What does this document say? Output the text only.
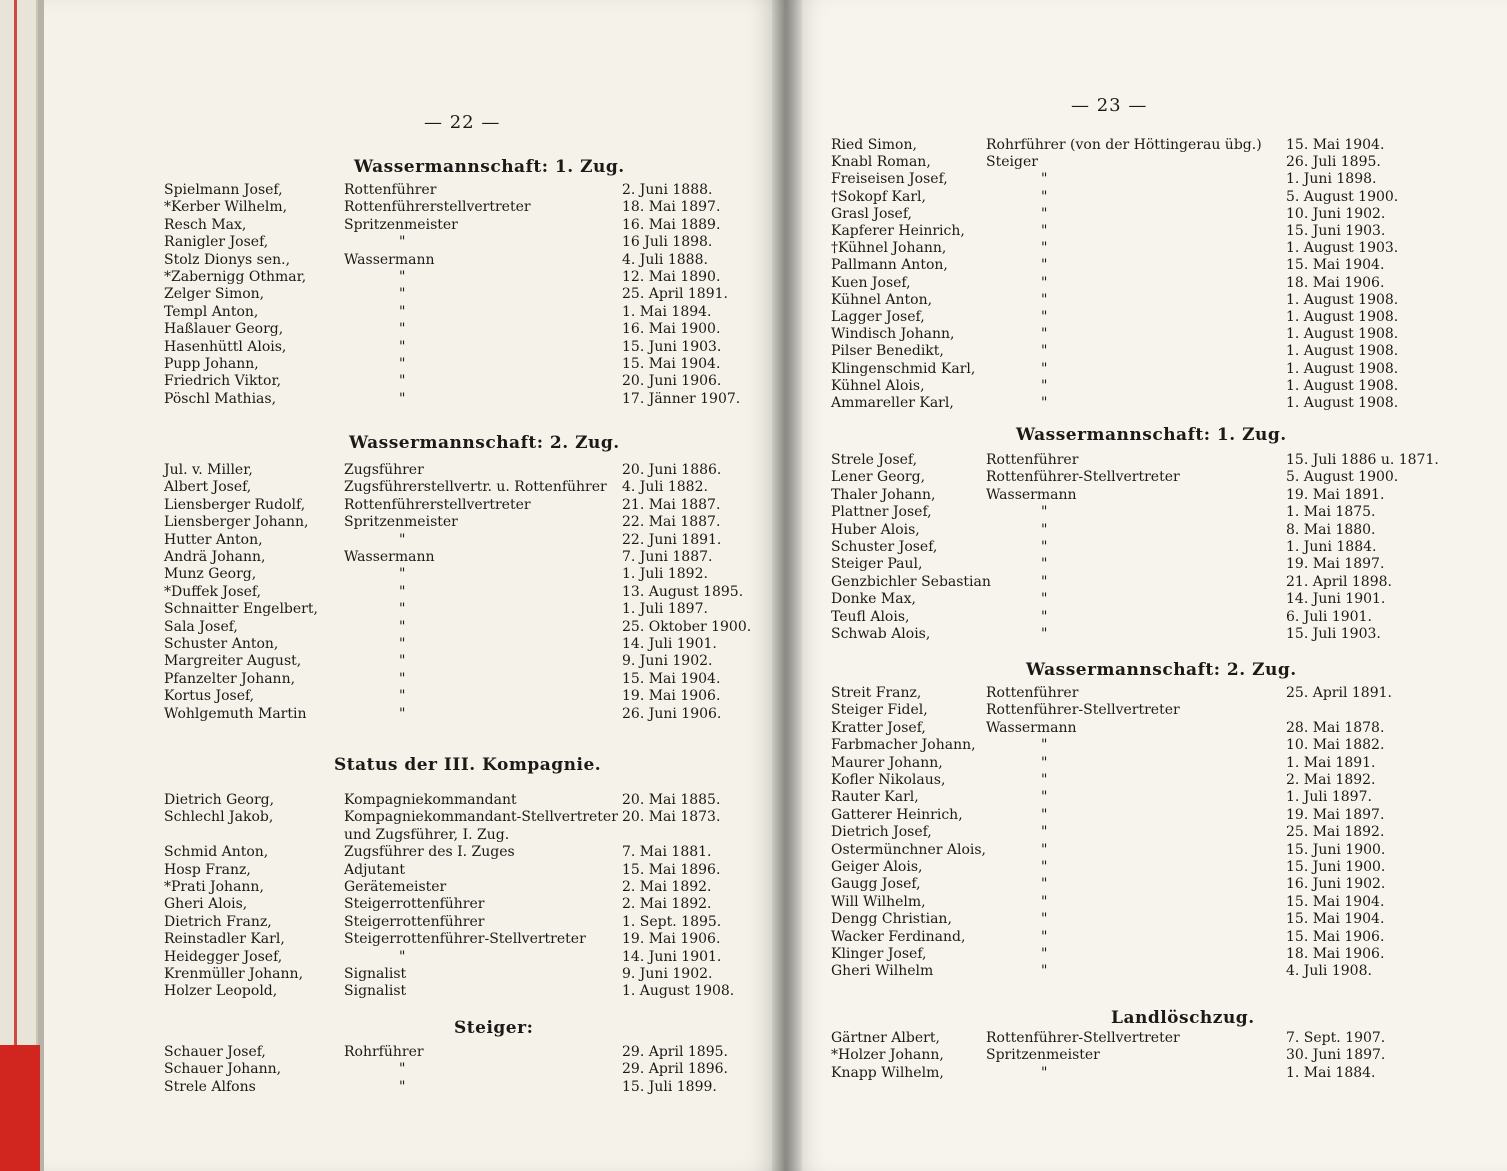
— 22 —
Wassermannschaft: 1. Zug.
Spielmann Josef,	Rottenführer	2. Juni 1888.
*Kerber Wilhelm,	Rottenführerstellvertreter	18. Mai 1897.
Resch Max,	Spritzenmeister	16. Mai 1889.
Ranigler Josef,	"	16 Juli 1898.
Stolz Dionys sen.,	Wassermann	4. Juli 1888.
*Zabernigg Othmar,	"	12. Mai 1890.
Zelger Simon,	"	25. April 1891.
Templ Anton,	"	1. Mai 1894.
Haßlauer Georg,	"	16. Mai 1900.
Hasenhüttl Alois,	"	15. Juni 1903.
Pupp Johann,	"	15. Mai 1904.
Friedrich Viktor,	"	20. Juni 1906.
Pöschl Mathias,	"	17. Jänner 1907.
Wassermannschaft: 2. Zug.
Jul. v. Miller,	Zugsführer	20. Juni 1886.
Albert Josef,	Zugsführerstellvertr. u. Rottenführer 4. Juli 1882.
Liensberger Rudolf,	Rottenführerstellvertreter	21. Mai 1887.
Liensberger Johann,	Spritzenmeister	22. Mai 1887.
Hutter Anton,	"	22. Juni 1891.
Andrä Johann,	Wassermann	7. Juni 1887.
Munz Georg,	"	1. Juli 1892.
*Duffek Josef,	"	13. August 1895.
Schnaitter Engelbert,	"	1. Juli 1897.
Sala Josef,	"	25. Oktober 1900.
Schuster Anton,	"	14. Juli 1901.
Margreiter August,	"	9. Juni 1902.
Pfanzelter Johann,	"	15. Mai 1904.
Kortus Josef,	"	19. Mai 1906.
Wohlgemuth Martin	"	26. Juni 1906.
Status der III. Kompagnie.
Dietrich Georg,	Kompagniekommandant	20. Mai 1885.
Schlechl Jakob,	Kompagniekommandant-Stellvertreter 20. Mai 1873.
und Zugsführer, I. Zug.
Schmid Anton,	Zugsführer des I. Zuges	7. Mai 1881.
Hosp Franz,	Adjutant	15. Mai 1896.
*Prati Johann,	Gerätemeister	2. Mai 1892.
Gheri Alois,	Steigerrottenführer	2. Mai 1892.
Dietrich Franz,	Steigerrottenführer	1. Sept. 1895.
Reinstadler Karl,	Steigerrottenführer-Stellvertreter	19. Mai 1906.
Heidegger Josef,	"	14. Juni 1901.
Krenmüller Johann,	Signalist	9. Juni 1902.
Holzer Leopold,	Signalist	1. August 1908.
Steiger:
Schauer Josef,	Rohrführer	29. April 1895.
Schauer Johann,	"	29. April 1896.
Strele Alfons	"	15. Juli 1899.
— 23 —
Ried Simon,	Rohrführer (von der Höttingerau übg.) 15. Mai 1904.
Knabl Roman,	Steiger	26. Juli 1895.
Freiseisen Josef,	"	1. Juni 1898.
†Sokopf Karl,	"	5. August 1900.
Grasl Josef,	"	10. Juni 1902.
Kapferer Heinrich,	"	15. Juni 1903.
†Kühnel Johann,	"	1. August 1903.
Pallmann Anton,	"	15. Mai 1904.
Kuen Josef,	"	18. Mai 1906.
Kühnel Anton,	"	1. August 1908.
Lagger Josef,	"	1. August 1908.
Windisch Johann,	"	1. August 1908.
Pilser Benedikt,	"	1. August 1908.
Klingenschmid Karl,	"	1. August 1908.
Kühnel Alois,	"	1. August 1908.
Ammareller Karl,	"	1. August 1908.
Wassermannschaft: 1. Zug.
Strele Josef,	Rottenführer	15. Juli 1886 u. 1871.
Lener Georg,	Rottenführer-Stellvertreter	5. August 1900.
Thaler Johann,	Wassermann	19. Mai 1891.
Plattner Josef,	"	1. Mai 1875.
Huber Alois,	"	8. Mai 1880.
Schuster Josef,	"	1. Juni 1884.
Steiger Paul,	"	19. Mai 1897.
Genzbichler Sebastian	"	21. April 1898.
Donke Max,	"	14. Juni 1901.
Teufl Alois,	"	6. Juli 1901.
Schwab Alois,	"	15. Juli 1903.
Wassermannschaft: 2. Zug.
Streit Franz,	Rottenführer	25. April 1891.
Steiger Fidel,	Rottenführer-Stellvertreter
Kratter Josef,	Wassermann	28. Mai 1878.
Farbmacher Johann,	"	10. Mai 1882.
Maurer Johann,	"	1. Mai 1891.
Kofler Nikolaus,	"	2. Mai 1892.
Rauter Karl,	"	1. Juli 1897.
Gatterer Heinrich,	"	19. Mai 1897.
Dietrich Josef,	"	25. Mai 1892.
Ostermünchner Alois,	"	15. Juni 1900.
Geiger Alois,	"	15. Juni 1900.
Gaugg Josef,	"	16. Juni 1902.
Will Wilhelm,	"	15. Mai 1904.
Dengg Christian,	"	15. Mai 1904.
Wacker Ferdinand,	"	15. Mai 1906.
Klinger Josef,	"	18. Mai 1906.
Gheri Wilhelm	"	4. Juli 1908.
Landlöschzug.
Gärtner Albert,	Rottenführer-Stellvertreter	7. Sept. 1907.
*Holzer Johann,	Spritzenmeister	30. Juni 1897.
Knapp Wilhelm,	"	1. Mai 1884.
